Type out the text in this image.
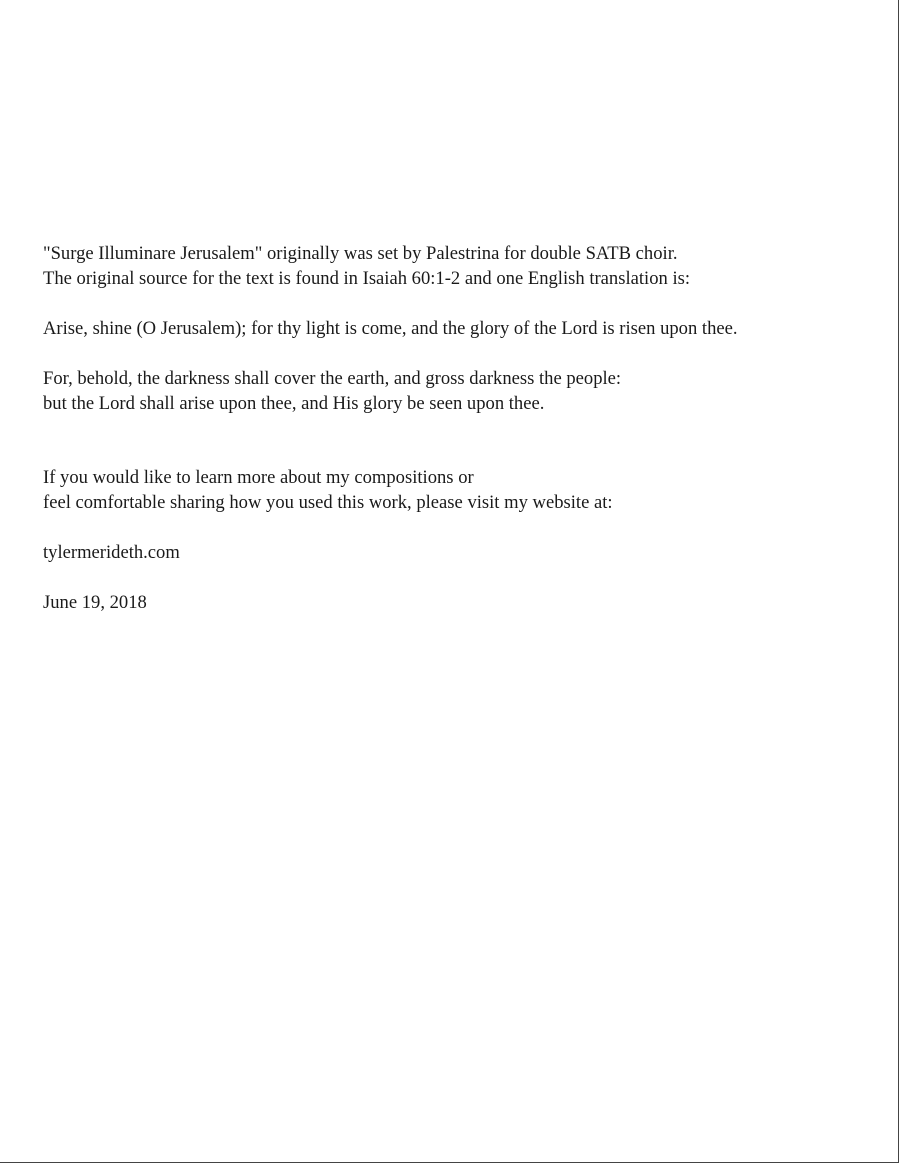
"Surge Illuminare Jerusalem" originally was set by Palestrina for double SATB choir.
The original source for the text is found in Isaiah 60:1-2 and one English translation is:
Arise, shine (O Jerusalem); for thy light is come, and the glory of the Lord is risen upon thee.
For, behold, the darkness shall cover the earth, and gross darkness the people:
but the Lord shall arise upon thee, and His glory be seen upon thee.
If you would like to learn more about my compositions or
feel comfortable sharing how you used this work, please visit my website at:
tylermerideth.com
June 19, 2018
